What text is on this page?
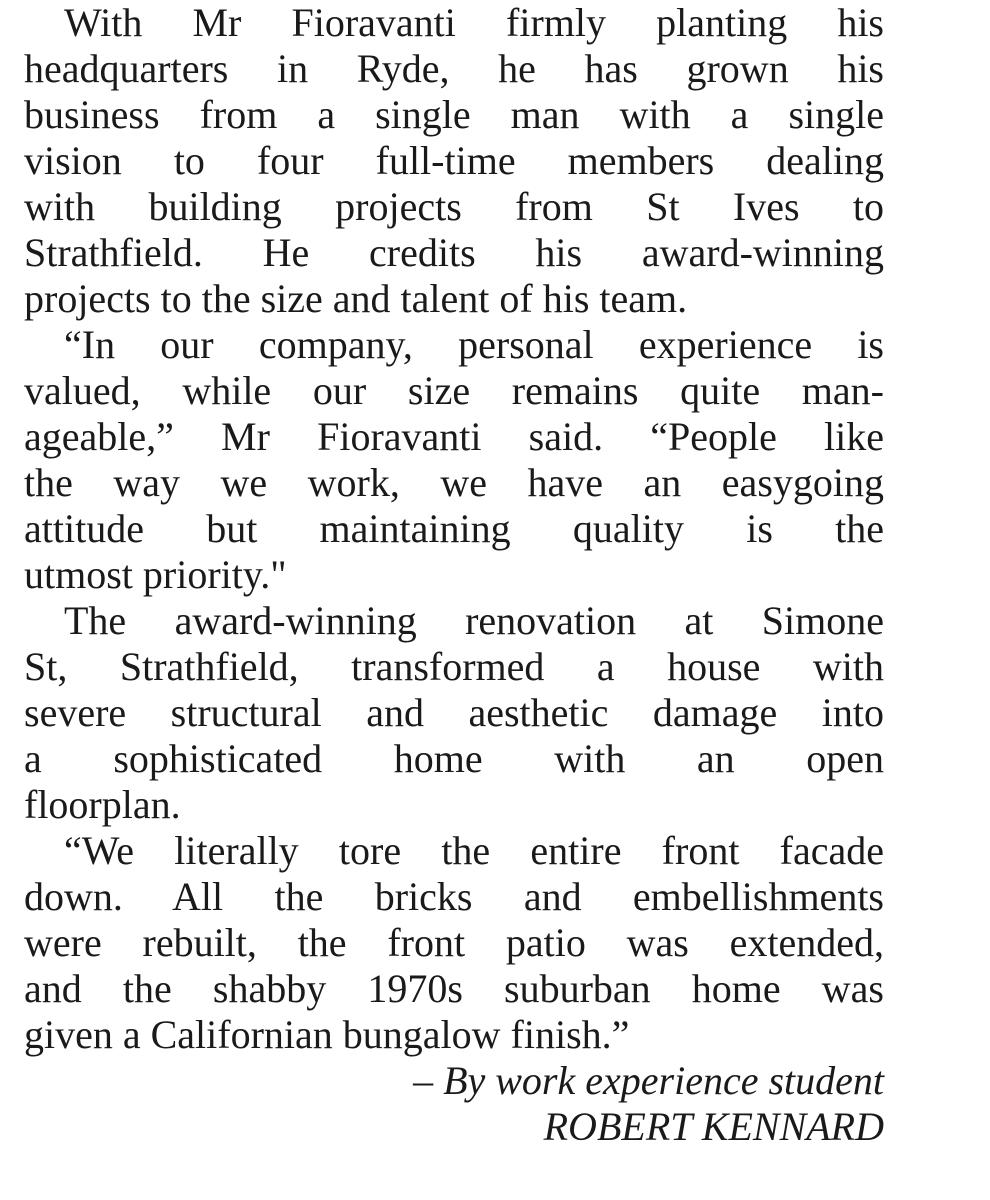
With Mr Fioravanti firmly planting his
headquarters in Ryde, he has grown his
business from a single man with a single
vision to four full-time members dealing
with building projects from St Ives to
Strathfield. He credits his award-winning
projects to the size and talent of his team.
“In our company, personal experience is
valued, while our size remains quite man-
ageable,” Mr Fioravanti said. “People like
the way we work, we have an easygoing
attitude but maintaining quality is the
utmost priority."
The award-winning renovation at Simone
St, Strathfield, transformed a house with
severe structural and aesthetic damage into
a sophisticated home with an open
floorplan.
“We literally tore the entire front facade
down. All the bricks and embellishments
were rebuilt, the front patio was extended,
and the shabby 1970s suburban home was
given a Californian bungalow finish.”
– By work experience student
ROBERT KENNARD
